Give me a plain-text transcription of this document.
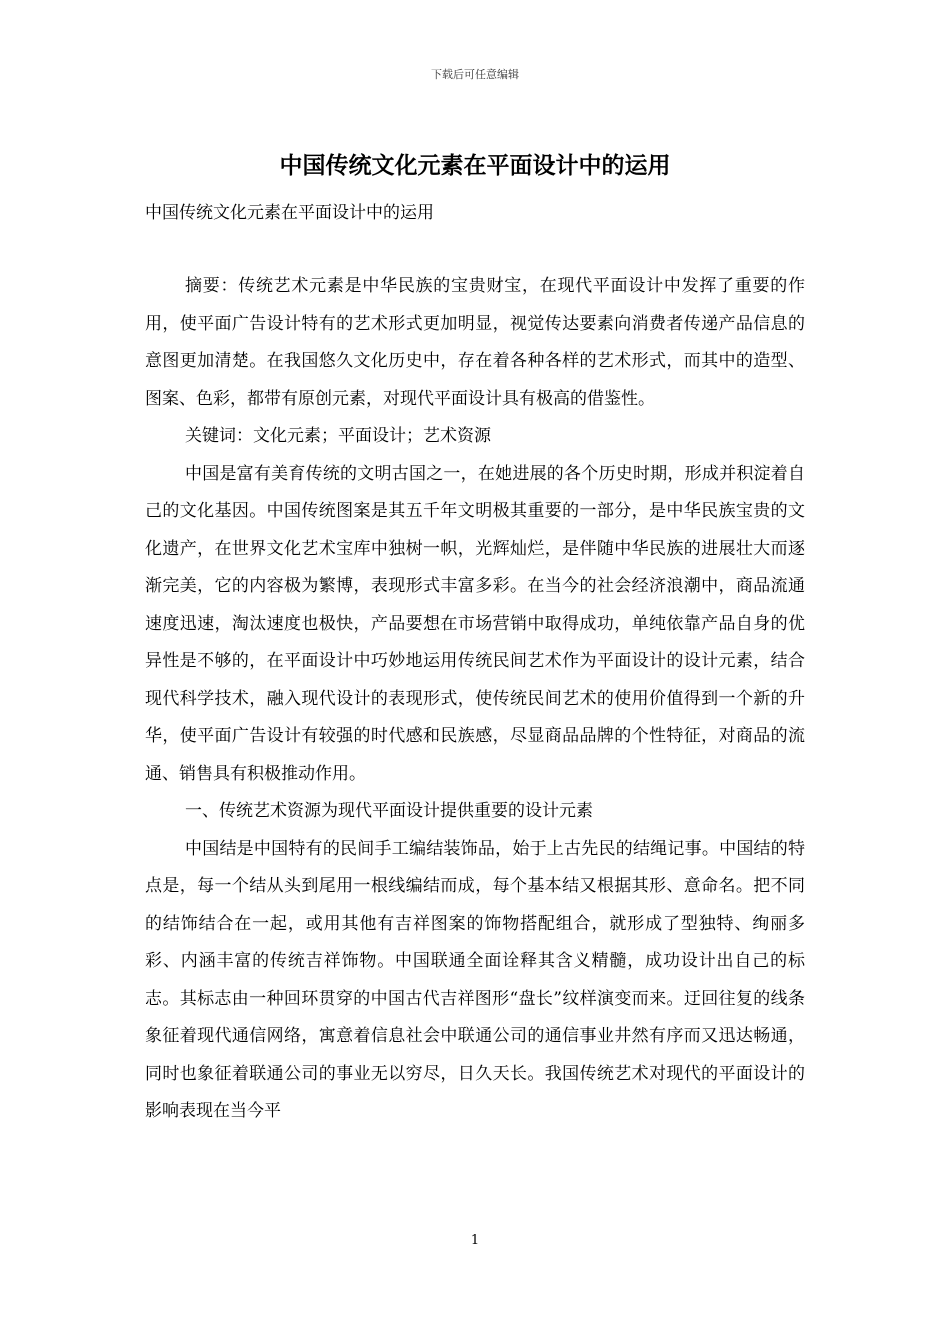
下载后可任意编辑
中国传统文化元素在平面设计中的运用
中国传统文化元素在平面设计中的运用

摘要：传统艺术元素是中华民族的宝贵财宝，在现代平面设计中发挥了重要的作用，使平面广告设计特有的艺术形式更加明显，视觉传达要素向消费者传递产品信息的意图更加清楚。在我国悠久文化历史中，存在着各种各样的艺术形式，而其中的造型、图案、色彩，都带有原创元素，对现代平面设计具有极高的借鉴性。

关键词：文化元素；平面设计；艺术资源

中国是富有美育传统的文明古国之一，在她进展的各个历史时期，形成并积淀着自己的文化基因。中国传统图案是其五千年文明极其重要的一部分，是中华民族宝贵的文化遗产，在世界文化艺术宝库中独树一帜，光辉灿烂，是伴随中华民族的进展壮大而逐渐完美，它的内容极为繁博，表现形式丰富多彩。在当今的社会经济浪潮中，商品流通速度迅速，淘汰速度也极快，产品要想在市场营销中取得成功，单纯依靠产品自身的优异性是不够的，在平面设计中巧妙地运用传统民间艺术作为平面设计的设计元素，结合现代科学技术，融入现代设计的表现形式，使传统民间艺术的使用价值得到一个新的升华，使平面广告设计有较强的时代感和民族感，尽显商品品牌的个性特征，对商品的流通、销售具有积极推动作用。

一、传统艺术资源为现代平面设计提供重要的设计元素

中国结是中国特有的民间手工编结装饰品，始于上古先民的结绳记事。中国结的特点是，每一个结从头到尾用一根线编结而成，每个基本结又根据其形、意命名。把不同的结饰结合在一起，或用其他有吉祥图案的饰物搭配组合，就形成了型独特、绚丽多彩、内涵丰富的传统吉祥饰物。中国联通全面诠释其含义精髓，成功设计出自己的标志。其标志由一种回环贯穿的中国古代吉祥图形“盘长”纹样演变而来。迂回往复的线条象征着现代通信网络，寓意着信息社会中联通公司的通信事业井然有序而又迅达畅通，同时也象征着联通公司的事业无以穷尽，日久天长。我国传统艺术对现代的平面设计的影响表现在当今平

1
